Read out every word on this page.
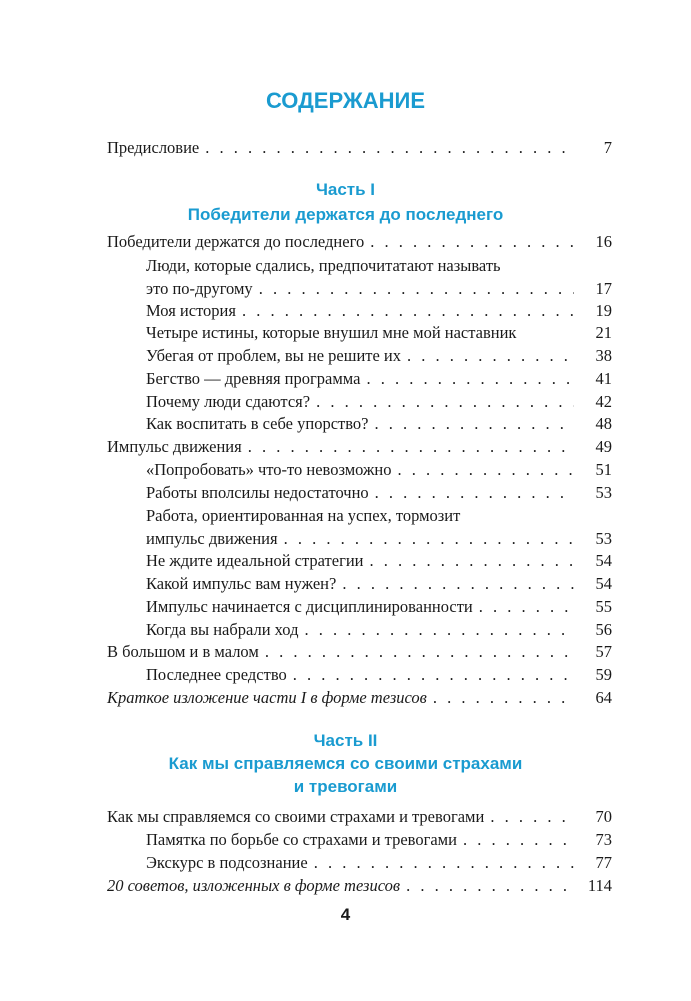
СОДЕРЖАНИЕ
Предисловие . . .	7
Часть I
Победители держатся до последнего
Победители держатся до последнего . . .	16
Люди, которые сдались, предпочитатают называть
это по-другому . . .	17
Моя история . . .	19
Четыре истины, которые внушил мне мой наставник	21
Убегая от проблем, вы не решите их . . .	38
Бегство — древняя программа . . .	41
Почему люди сдаются? . . .	42
Как воспитать в себе упорство? . . .	48
Импульс движения . . .	49
«Попробовать» что-то невозможно . . .	51
Работы вполсилы недостаточно . . .	53
Работа, ориентированная на успех, тормозит
импульс движения . . .	53
Не ждите идеальной стратегии . . .	54
Какой импульс вам нужен? . . .	54
Импульс начинается с дисциплинированности . . .	55
Когда вы набрали ход . . .	56
В большом и в малом . . .	57
Последнее средство . . .	59
Краткое изложение части I в форме тезисов . . .	64
Часть II
Как мы справляемся со своими страхами
и тревогами
Как мы справляемся со своими страхами и тревогами . . .	70
Памятка по борьбе со страхами и тревогами . . .	73
Экскурс в подсознание . . .	77
20 советов, изложенных в форме тезисов . . .	114
4
